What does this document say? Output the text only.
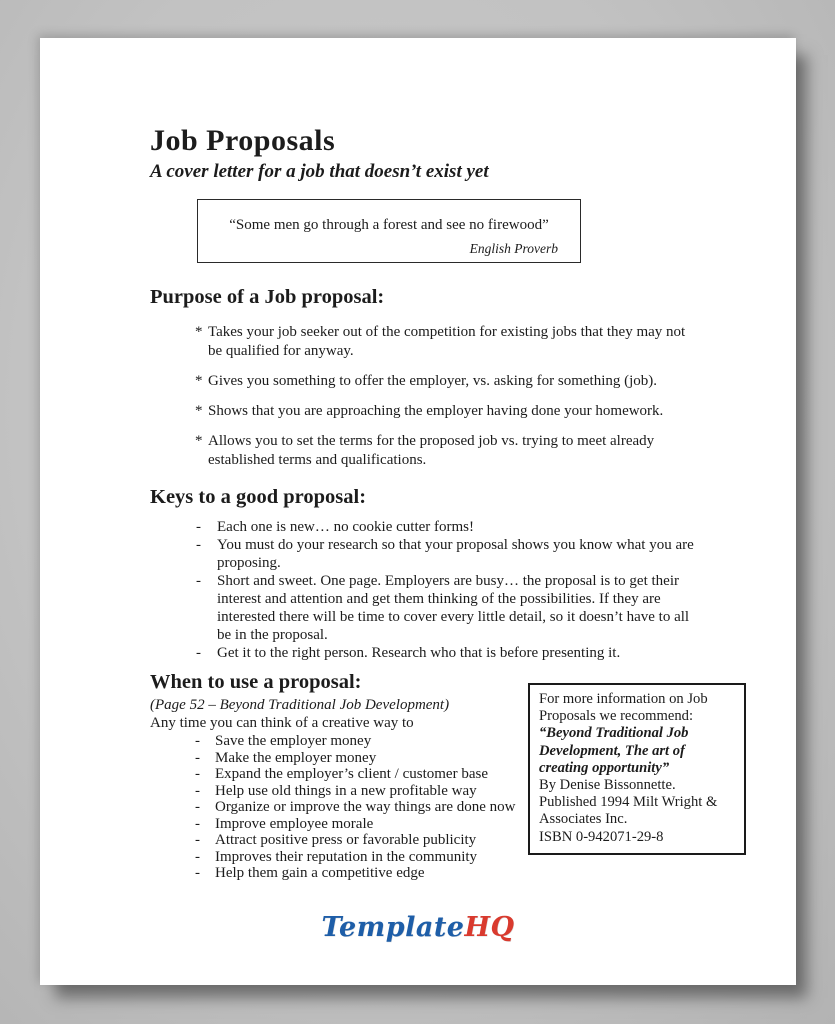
Job Proposals
A cover letter for a job that doesn’t exist yet
“Some men go through a forest and see no firewood”
English Proverb
Purpose of a Job proposal:
* Takes your job seeker out of the competition for existing jobs that they may not be qualified for anyway.
* Gives you something to offer the employer, vs. asking for something (job).
* Shows that you are approaching the employer having done your homework.
* Allows you to set the terms for the proposed job vs. trying to meet already established terms and qualifications.
Keys to a good proposal:
-	Each one is new… no cookie cutter forms!
-	You must do your research so that your proposal shows you know what you are proposing.
-	Short and sweet. One page. Employers are busy… the proposal is to get their interest and attention and get them thinking of the possibilities. If they are interested there will be time to cover every little detail, so it doesn’t have to all be in the proposal.
-	Get it to the right person. Research who that is before presenting it.
When to use a proposal:
(Page 52 – Beyond Traditional Job Development)
Any time you can think of a creative way to
-	Save the employer money
-	Make the employer money
-	Expand the employer’s client / customer base
-	Help use old things in a new profitable way
-	Organize or improve the way things are done now
-	Improve employee morale
-	Attract positive press or favorable publicity
-	Improves their reputation in the community
-	Help them gain a competitive edge
For more information on Job Proposals we recommend:
“Beyond Traditional Job Development, The art of creating opportunity”
By Denise Bissonnette.
Published 1994 Milt Wright & Associates Inc.
ISBN 0-942071-29-8
TemplateHQ
